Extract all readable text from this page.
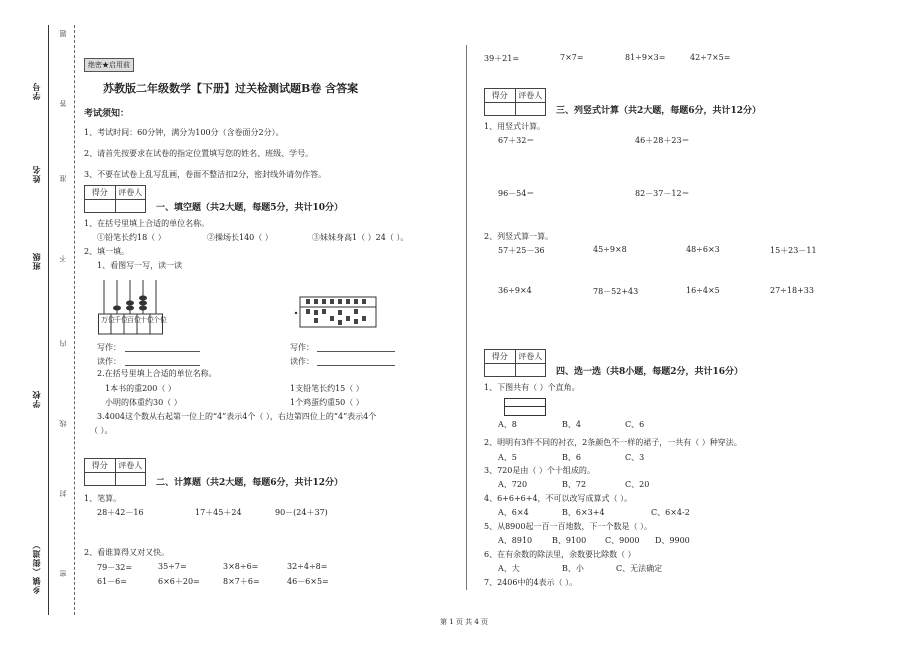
乡镇（街道）
学校
班级
姓名
学号
密
封
线
内
不
准
答
题
绝密★启用前
苏教版二年级数学【下册】过关检测试题B卷 含答案
考试须知：
1、考试时间：60分钟，满分为100分（含卷面分2分）。
2、请首先按要求在试卷的指定位置填写您的姓名、班级、学号。
3、不要在试卷上乱写乱画，卷面不整洁扣2分，密封线外请勿作答。
得分	评卷人
一、填空题（共2大题，每题5分，共计10分）
1、在括号里填上合适的单位名称。
①铅笔长约18（ ）	②操场长140（ ）	③妹妹身高1（ ）24（ ）。
2、填一填。
1、看图写一写，读一读
万位 千位 百位 十位 个位
写作：
读作：
写作：
读作：
2.在括号里填上合适的单位名称。
1本书的重200（ ）	1支铅笔长约15（ ）
小明的体重约30（ ）	1个鸡蛋约重50（ ）
3.4004这个数从右起第一位上的“4”表示4个（ ），右边第四位上的“4”表示4个
（ ）。
得分	评卷人
二、计算题（共2大题，每题6分，共计12分）
1、笔算。
28＋42－16	17＋45＋24	90－(24＋37)
2、看谁算得又对又快。
79－32=	35÷7=	3×8÷6=	32÷4÷8=
61－6=	6×6＋20=	8×7＋6=	46－6×5=
39＋21=	7×7=	81÷9×3=	42÷7×5=
得分	评卷人
三、列竖式计算（共2大题，每题6分，共计12分）
1、用竖式计算。
67＋32＝	46＋28＋23＝
96－54＝	82－37－12＝
2、列竖式算一算。
57＋25－36	45÷9×8	48÷6×3	15＋23－11
36÷9×4	78－52+43	16÷4×5	27÷18+33
得分	评卷人
四、选一选（共8小题，每题2分，共计16分）
1、下图共有（ ）个直角。
A、8	B、4	C、6
2、明明有3件不同的衬衣，2条颜色不一样的裙子，一共有（ ）种穿法。
A、5	B、6	C、3
3、720是由（ ）个十组成的。
A、720	B、72	C、20
4、6+6+6+4，不可以改写成算式（ ）。
A、6×4	B、6×3+4	C、6×4-2
5、从8900起一百一百地数，下一个数是（ ）。
A、8910 B、9100 C、9000 D、9900
6、在有余数的除法里，余数要比除数（ ）
A、大	B、小	C、无法确定
7、2406中的4表示（ ）。
第 1 页 共 4 页
